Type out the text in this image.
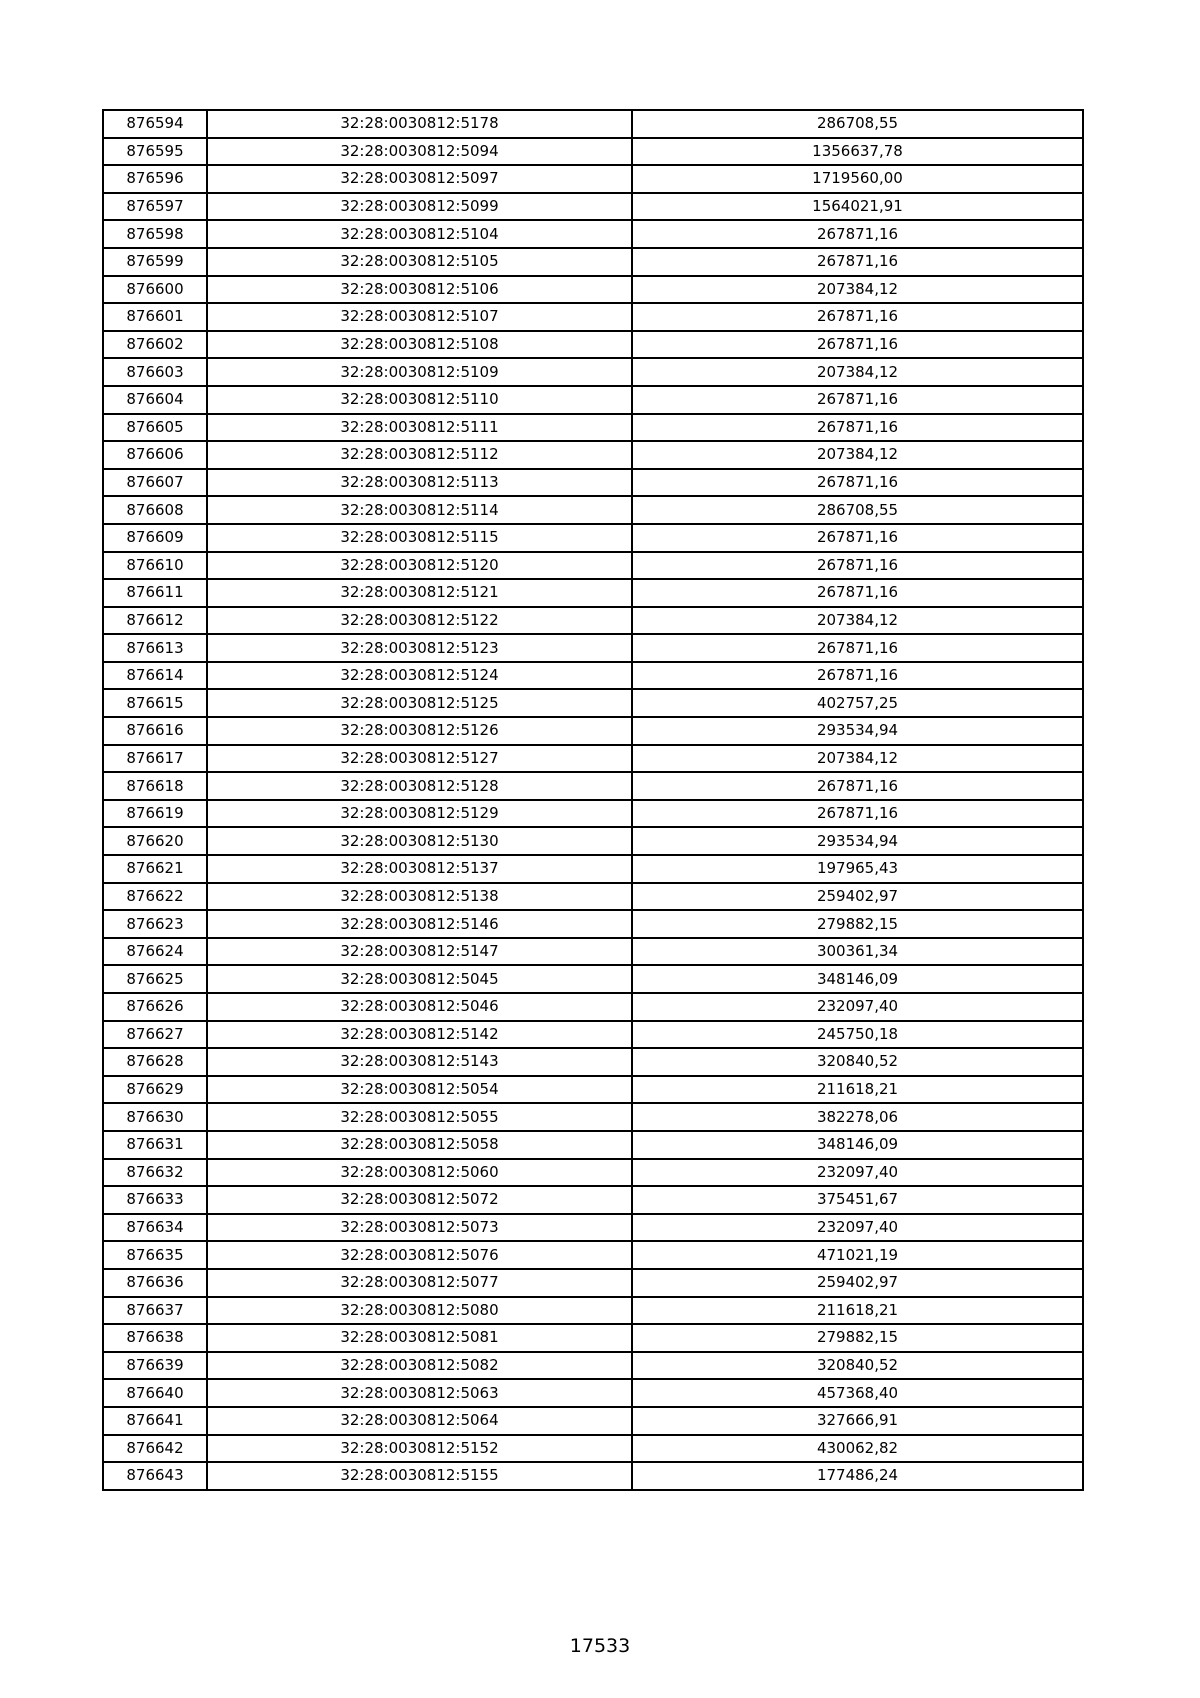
876594	32:28:0030812:5178	286708,55
876595	32:28:0030812:5094	1356637,78
876596	32:28:0030812:5097	1719560,00
876597	32:28:0030812:5099	1564021,91
876598	32:28:0030812:5104	267871,16
876599	32:28:0030812:5105	267871,16
876600	32:28:0030812:5106	207384,12
876601	32:28:0030812:5107	267871,16
876602	32:28:0030812:5108	267871,16
876603	32:28:0030812:5109	207384,12
876604	32:28:0030812:5110	267871,16
876605	32:28:0030812:5111	267871,16
876606	32:28:0030812:5112	207384,12
876607	32:28:0030812:5113	267871,16
876608	32:28:0030812:5114	286708,55
876609	32:28:0030812:5115	267871,16
876610	32:28:0030812:5120	267871,16
876611	32:28:0030812:5121	267871,16
876612	32:28:0030812:5122	207384,12
876613	32:28:0030812:5123	267871,16
876614	32:28:0030812:5124	267871,16
876615	32:28:0030812:5125	402757,25
876616	32:28:0030812:5126	293534,94
876617	32:28:0030812:5127	207384,12
876618	32:28:0030812:5128	267871,16
876619	32:28:0030812:5129	267871,16
876620	32:28:0030812:5130	293534,94
876621	32:28:0030812:5137	197965,43
876622	32:28:0030812:5138	259402,97
876623	32:28:0030812:5146	279882,15
876624	32:28:0030812:5147	300361,34
876625	32:28:0030812:5045	348146,09
876626	32:28:0030812:5046	232097,40
876627	32:28:0030812:5142	245750,18
876628	32:28:0030812:5143	320840,52
876629	32:28:0030812:5054	211618,21
876630	32:28:0030812:5055	382278,06
876631	32:28:0030812:5058	348146,09
876632	32:28:0030812:5060	232097,40
876633	32:28:0030812:5072	375451,67
876634	32:28:0030812:5073	232097,40
876635	32:28:0030812:5076	471021,19
876636	32:28:0030812:5077	259402,97
876637	32:28:0030812:5080	211618,21
876638	32:28:0030812:5081	279882,15
876639	32:28:0030812:5082	320840,52
876640	32:28:0030812:5063	457368,40
876641	32:28:0030812:5064	327666,91
876642	32:28:0030812:5152	430062,82
876643	32:28:0030812:5155	177486,24
17533
